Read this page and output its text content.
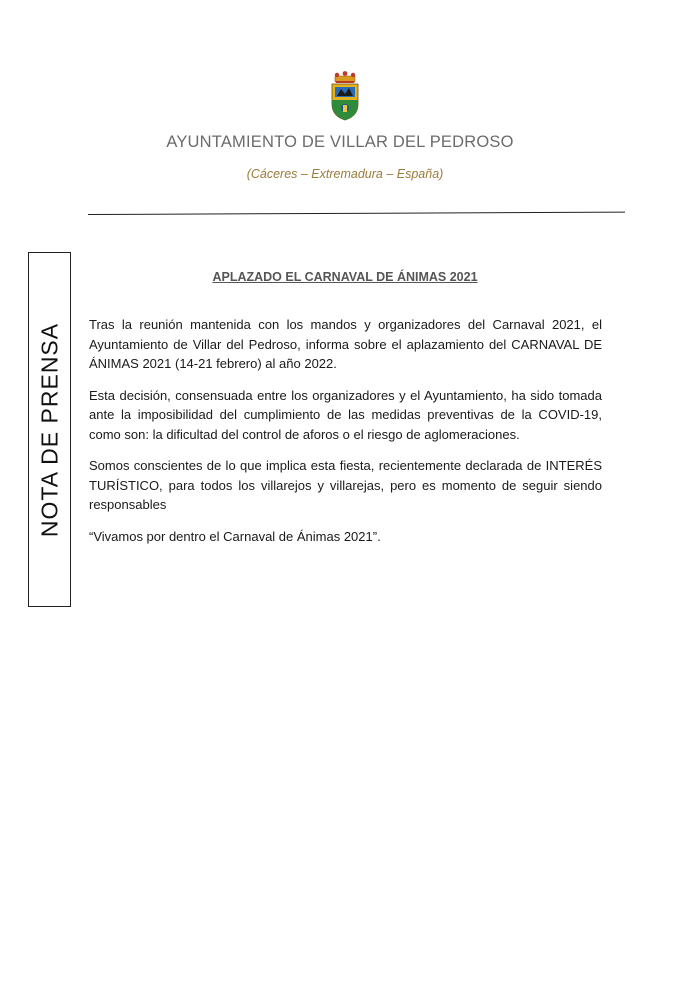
AYUNTAMIENTO DE VILLAR DEL PEDROSO
(Cáceres – Extremadura – España)
NOTA DE PRENSA
APLAZADO EL CARNAVAL DE ÁNIMAS 2021

Tras la reunión mantenida con los mandos y organizadores del Carnaval 2021, el Ayuntamiento de Villar del Pedroso, informa sobre el aplazamiento del CARNAVAL DE ÁNIMAS 2021 (14-21 febrero) al año 2022.

Esta decisión, consensuada entre los organizadores y el Ayuntamiento, ha sido tomada ante la imposibilidad del cumplimiento de las medidas preventivas de la COVID-19, como son: la dificultad del control de aforos o el riesgo de aglomeraciones.

Somos conscientes de lo que implica esta fiesta, recientemente declarada de INTERÉS TURÍSTICO, para todos los villarejos y villarejas, pero es momento de seguir siendo responsables

“Vivamos por dentro el Carnaval de Ánimas 2021”.
